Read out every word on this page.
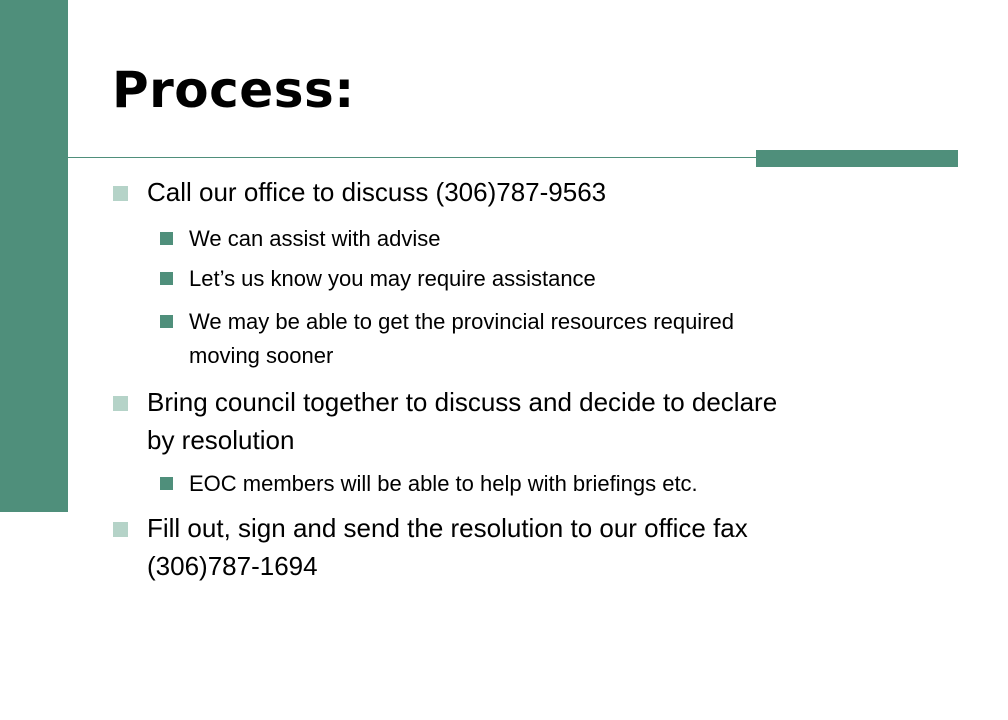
Process:
Call our office to discuss (306)787-9563
We can assist with advise
Let’s us know you may require assistance
We may be able to get the provincial resources required
moving sooner
Bring council together to discuss and decide to declare
by resolution
EOC members will be able to help with briefings etc.
Fill out, sign and send the resolution to our office fax
(306)787-1694
